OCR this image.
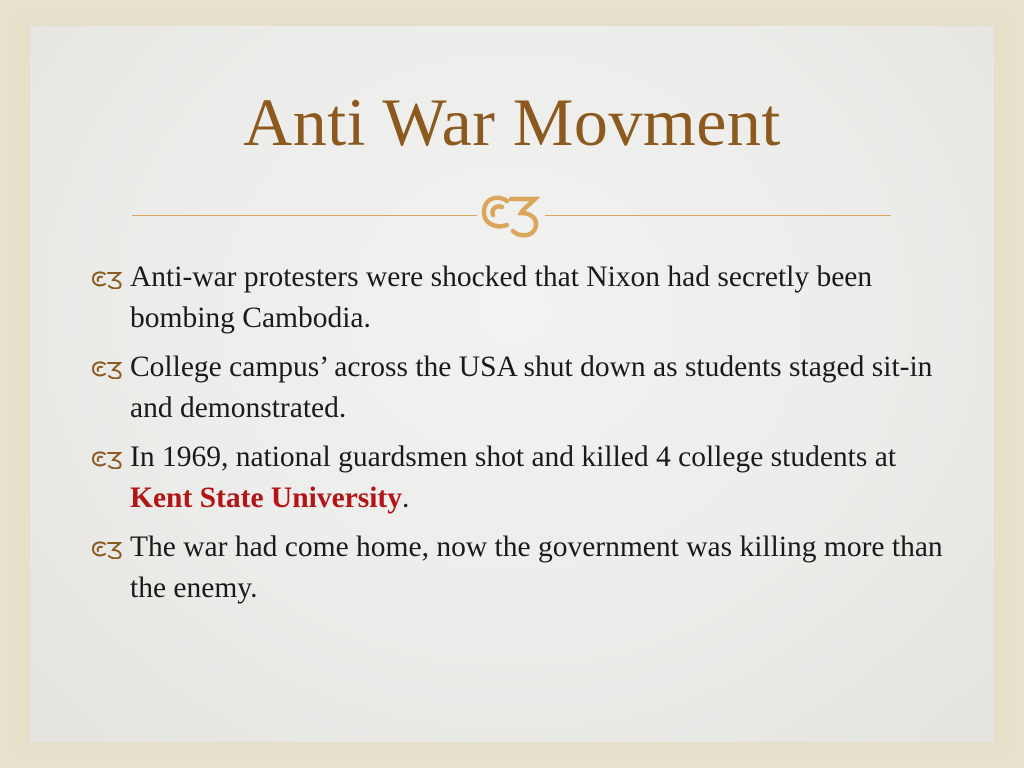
Anti War Movment
Anti-war protesters were shocked that Nixon had secretly been bombing Cambodia.
College campus’ across the USA shut down as students staged sit-in and demonstrated.
In 1969, national guardsmen shot and killed 4 college students at Kent State University.
The war had come home, now the government was killing more than the enemy.
